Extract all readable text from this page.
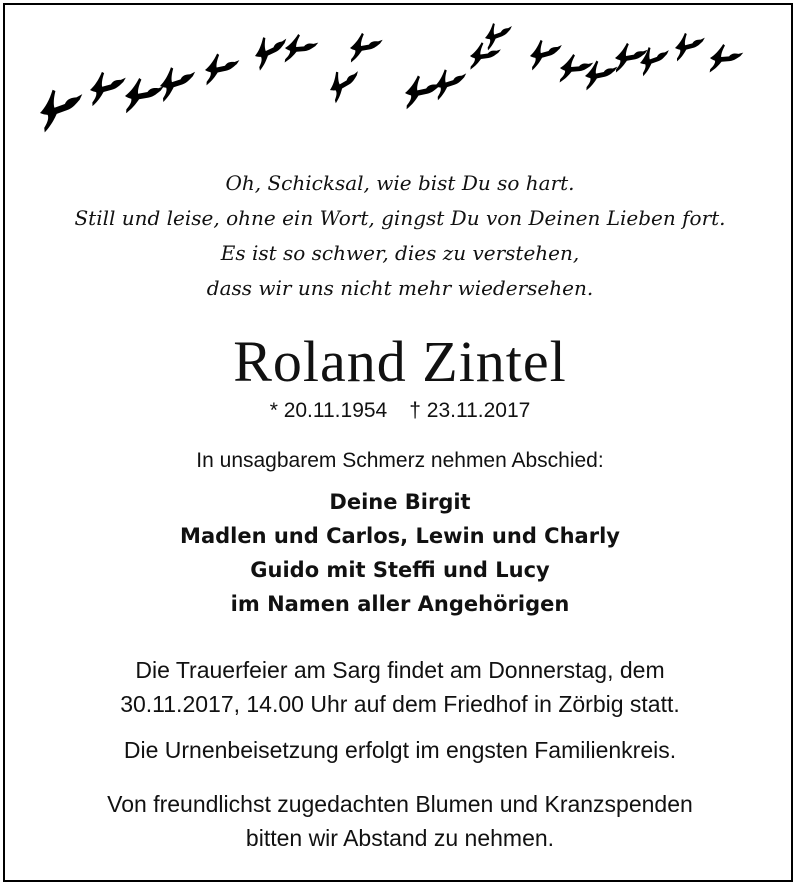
Oh, Schicksal, wie bist Du so hart.
Still und leise, ohne ein Wort, gingst Du von Deinen Lieben fort.
Es ist so schwer, dies zu verstehen,
dass wir uns nicht mehr wiedersehen.
Roland Zintel
* 20.11.1954 † 23.11.2017
In unsagbarem Schmerz nehmen Abschied:
Deine Birgit
Madlen und Carlos, Lewin und Charly
Guido mit Steffi und Lucy
im Namen aller Angehörigen
Die Trauerfeier am Sarg findet am Donnerstag, dem
30.11.2017, 14.00 Uhr auf dem Friedhof in Zörbig statt.
Die Urnenbeisetzung erfolgt im engsten Familienkreis.
Von freundlichst zugedachten Blumen und Kranzspenden
bitten wir Abstand zu nehmen.
